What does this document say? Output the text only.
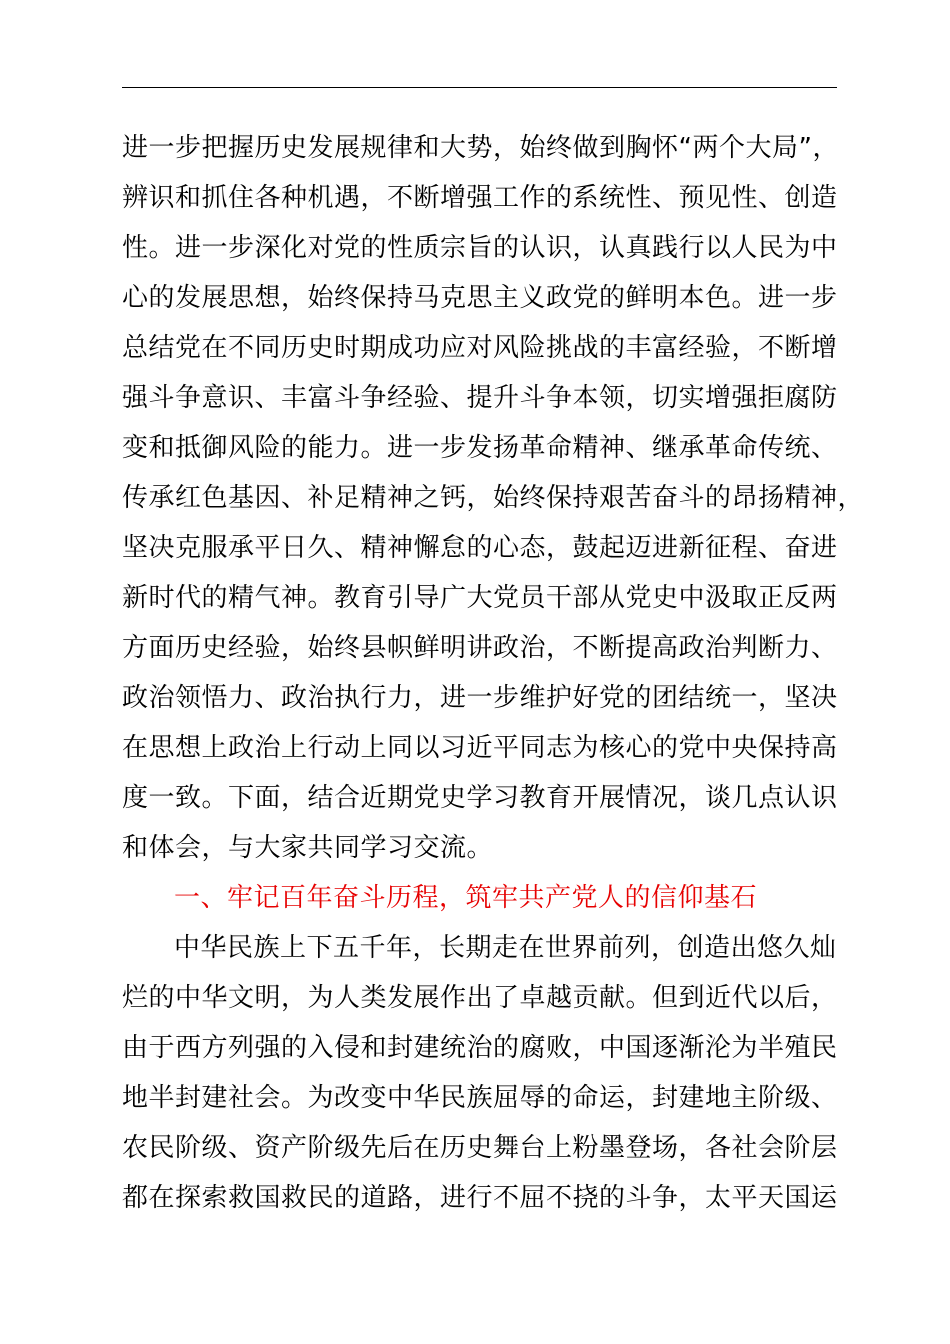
进一步把握历史发展规律和大势，始终做到胸怀“两个大局”，
辨识和抓住各种机遇，不断增强工作的系统性、预见性、创造
性。进一步深化对党的性质宗旨的认识，认真践行以人民为中
心的发展思想，始终保持马克思主义政党的鲜明本色。进一步
总结党在不同历史时期成功应对风险挑战的丰富经验，不断增
强斗争意识、丰富斗争经验、提升斗争本领，切实增强拒腐防
变和抵御风险的能力。进一步发扬革命精神、继承革命传统、
传承红色基因、补足精神之钙，始终保持艰苦奋斗的昂扬精神，
坚决克服承平日久、精神懈怠的心态，鼓起迈进新征程、奋进
新时代的精气神。教育引导广大党员干部从党史中汲取正反两
方面历史经验，始终县帜鲜明讲政治，不断提高政治判断力、
政治领悟力、政治执行力，进一步维护好党的团结统一，坚决
在思想上政治上行动上同以习近平同志为核心的党中央保持高
度一致。下面，结合近期党史学习教育开展情况，谈几点认识
和体会，与大家共同学习交流。
一、牢记百年奋斗历程，筑牢共产党人的信仰基石
中华民族上下五千年，长期走在世界前列，创造出悠久灿
烂的中华文明，为人类发展作出了卓越贡献。但到近代以后，
由于西方列强的入侵和封建统治的腐败，中国逐渐沦为半殖民
地半封建社会。为改变中华民族屈辱的命运，封建地主阶级、
农民阶级、资产阶级先后在历史舞台上粉墨登场，各社会阶层
都在探索救国救民的道路，进行不屈不挠的斗争，太平天国运
